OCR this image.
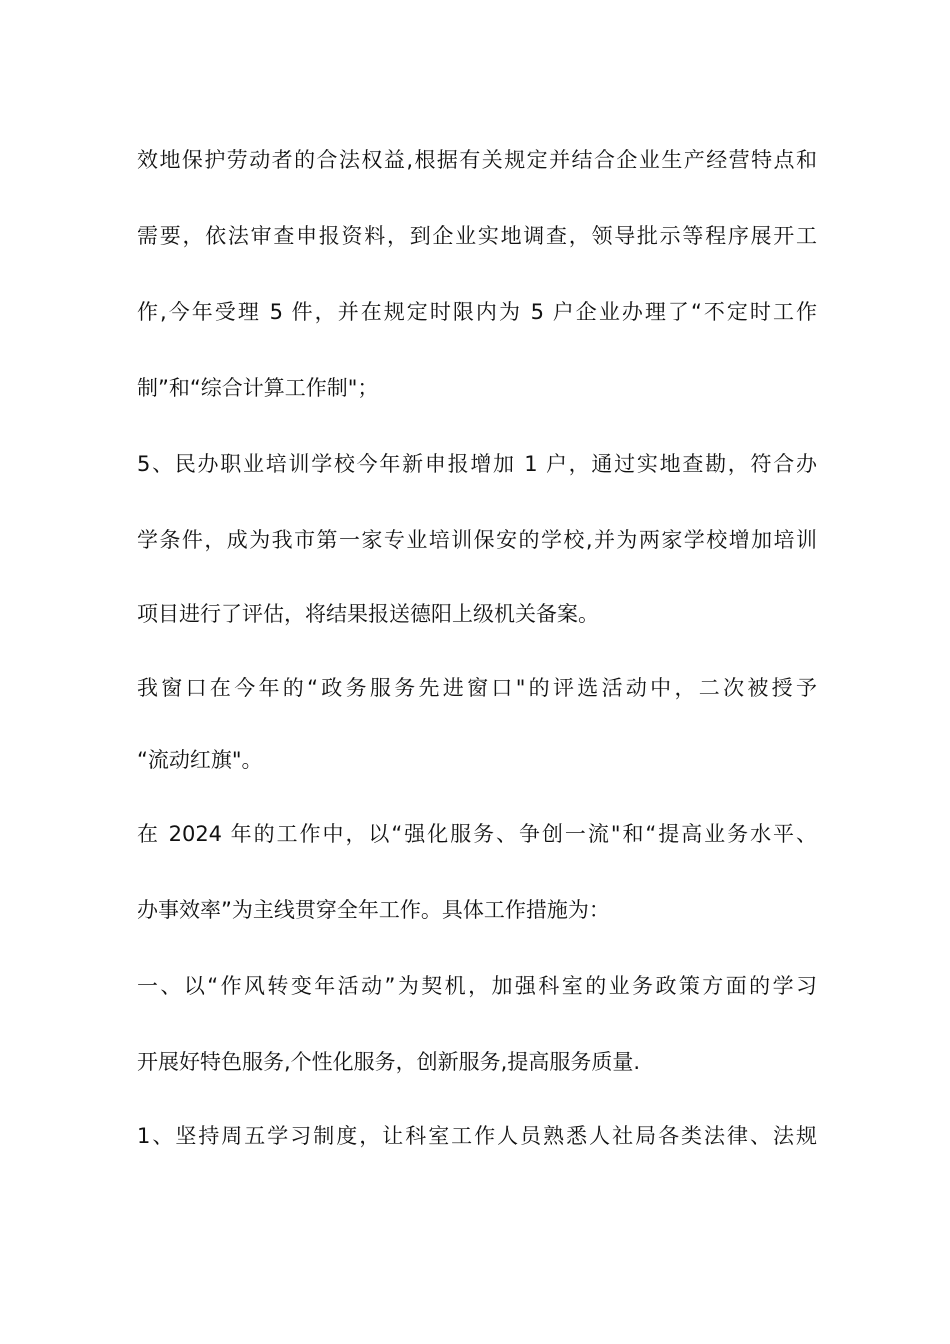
效地保护劳动者的合法权益,根据有关规定并结合企业生产经营特点和
需要，依法审查申报资料，到企业实地调查，领导批示等程序展开工
作,今年受理 5 件，并在规定时限内为 5 户企业办理了“不定时工作
制”和“综合计算工作制"；
5、民办职业培训学校今年新申报增加 1 户，通过实地查勘，符合办
学条件，成为我市第一家专业培训保安的学校,并为两家学校增加培训
项目进行了评估，将结果报送德阳上级机关备案。
我窗口在今年的“政务服务先进窗口"的评选活动中，二次被授予
“流动红旗"。
在 2024 年的工作中，以“强化服务、争创一流"和“提高业务水平、
办事效率”为主线贯穿全年工作。具体工作措施为：
一、以“作风转变年活动”为契机，加强科室的业务政策方面的学习
开展好特色服务,个性化服务，创新服务,提高服务质量.
1、坚持周五学习制度，让科室工作人员熟悉人社局各类法律、法规
